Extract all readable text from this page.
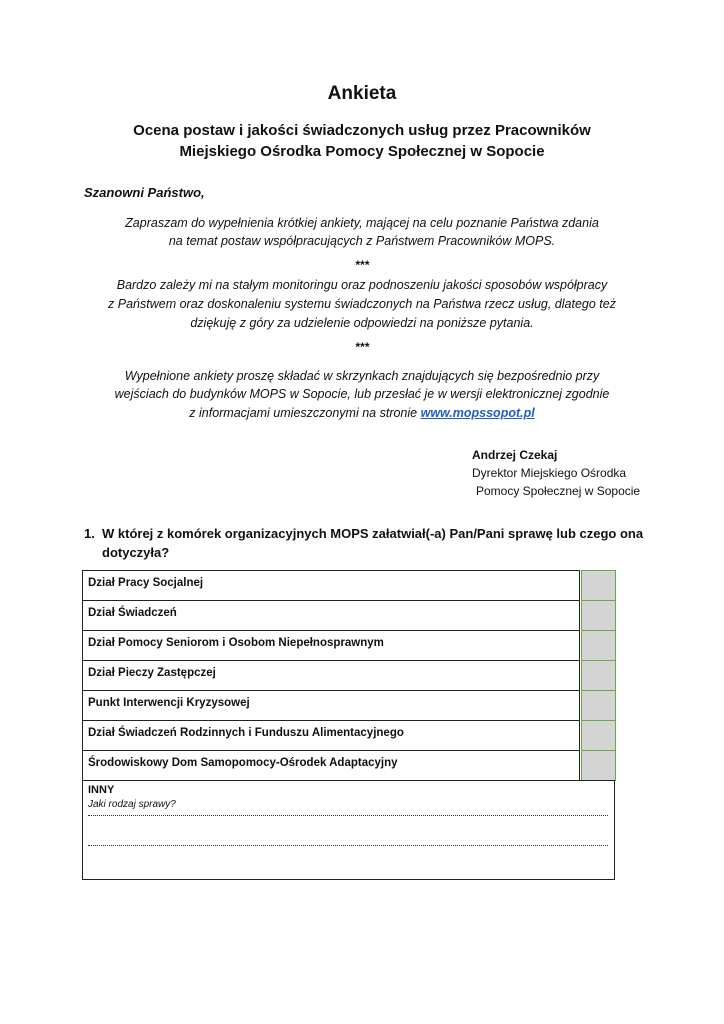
Ankieta
Ocena postaw i jakości świadczonych usług przez Pracowników
Miejskiego Ośrodka Pomocy Społecznej w Sopocie
Szanowni Państwo,
Zapraszam do wypełnienia krótkiej ankiety, mającej na celu poznanie Państwa zdania
na temat postaw współpracujących z Państwem Pracowników MOPS.
***
Bardzo zależy mi na stałym monitoringu oraz podnoszeniu jakości sposobów współpracy
z Państwem oraz doskonaleniu systemu świadczonych na Państwa rzecz usług, dlatego też
dziękuję z góry za udzielenie odpowiedzi na poniższe pytania.
***
Wypełnione ankiety proszę składać w skrzynkach znajdujących się bezpośrednio przy
wejściach do budynków MOPS w Sopocie, lub przesłać je w wersji elektronicznej zgodnie
z informacjami umieszczonymi na stronie www.mopssopot.pl
Andrzej Czekaj
Dyrektor Miejskiego Ośrodka
Pomocy Społecznej w Sopocie
1. W której z komórek organizacyjnych MOPS załatwiał(-a) Pan/Pani sprawę lub czego ona dotyczyła?
Dział Pracy Socjalnej
Dział Świadczeń
Dział Pomocy Seniorom i Osobom Niepełnosprawnym
Dział Pieczy Zastępczej
Punkt Interwencji Kryzysowej
Dział Świadczeń Rodzinnych i Funduszu Alimentacyjnego
Środowiskowy Dom Samopomocy-Ośrodek Adaptacyjny
INNY
Jaki rodzaj sprawy?
